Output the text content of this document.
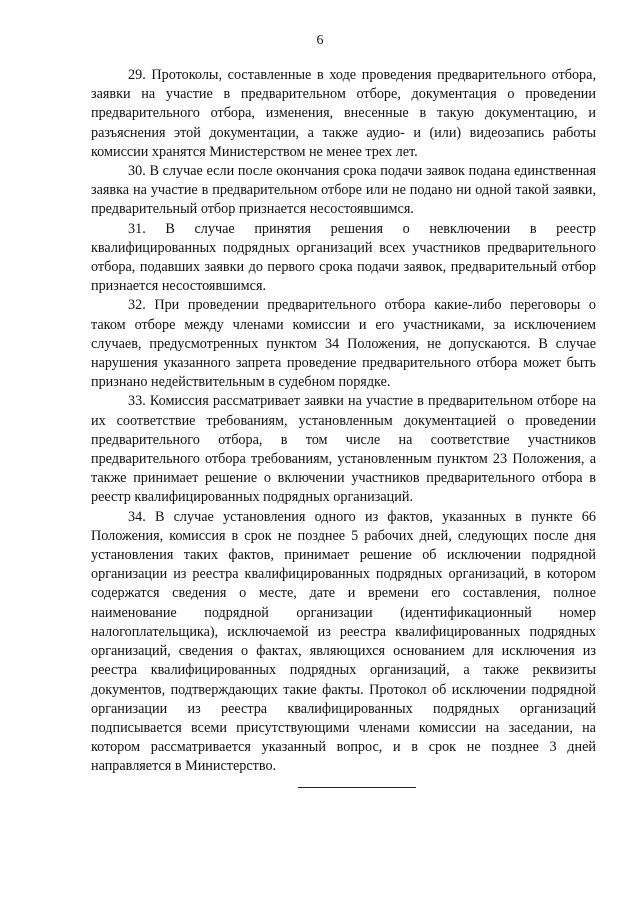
6

29. Протоколы, составленные в ходе проведения предварительного отбора, заявки на участие в предварительном отборе, документация о проведении предварительного отбора, изменения, внесенные в такую документацию, и разъяснения этой документации, а также аудио- и (или) видеозапись работы комиссии хранятся Министерством не менее трех лет.

30. В случае если после окончания срока подачи заявок подана единственная заявка на участие в предварительном отборе или не подано ни одной такой заявки, предварительный отбор признается несостоявшимся.

31. В случае принятия решения о невключении в реестр квалифицированных подрядных организаций всех участников предварительного отбора, подавших заявки до первого срока подачи заявок, предварительный отбор признается несостоявшимся.

32. При проведении предварительного отбора какие-либо переговоры о таком отборе между членами комиссии и его участниками, за исключением случаев, предусмотренных пунктом 34 Положения, не допускаются. В случае нарушения указанного запрета проведение предварительного отбора может быть признано недействительным в судебном порядке.

33. Комиссия рассматривает заявки на участие в предварительном отборе на их соответствие требованиям, установленным документацией о проведении предварительного отбора, в том числе на соответствие участников предварительного отбора требованиям, установленным пунктом 23 Положения, а также принимает решение о включении участников предварительного отбора в реестр квалифицированных подрядных организаций.

34. В случае установления одного из фактов, указанных в пункте 66 Положения, комиссия в срок не позднее 5 рабочих дней, следующих после дня установления таких фактов, принимает решение об исключении подрядной организации из реестра квалифицированных подрядных организаций, в котором содержатся сведения о месте, дате и времени его составления, полное наименование подрядной организации (идентификационный номер налогоплательщика), исключаемой из реестра квалифицированных подрядных организаций, сведения о фактах, являющихся основанием для исключения из реестра квалифицированных подрядных организаций, а также реквизиты документов, подтверждающих такие факты. Протокол об исключении подрядной организации из реестра квалифицированных подрядных организаций подписывается всеми присутствующими членами комиссии на заседании, на котором рассматривается указанный вопрос, и в срок не позднее 3 дней направляется в Министерство.
